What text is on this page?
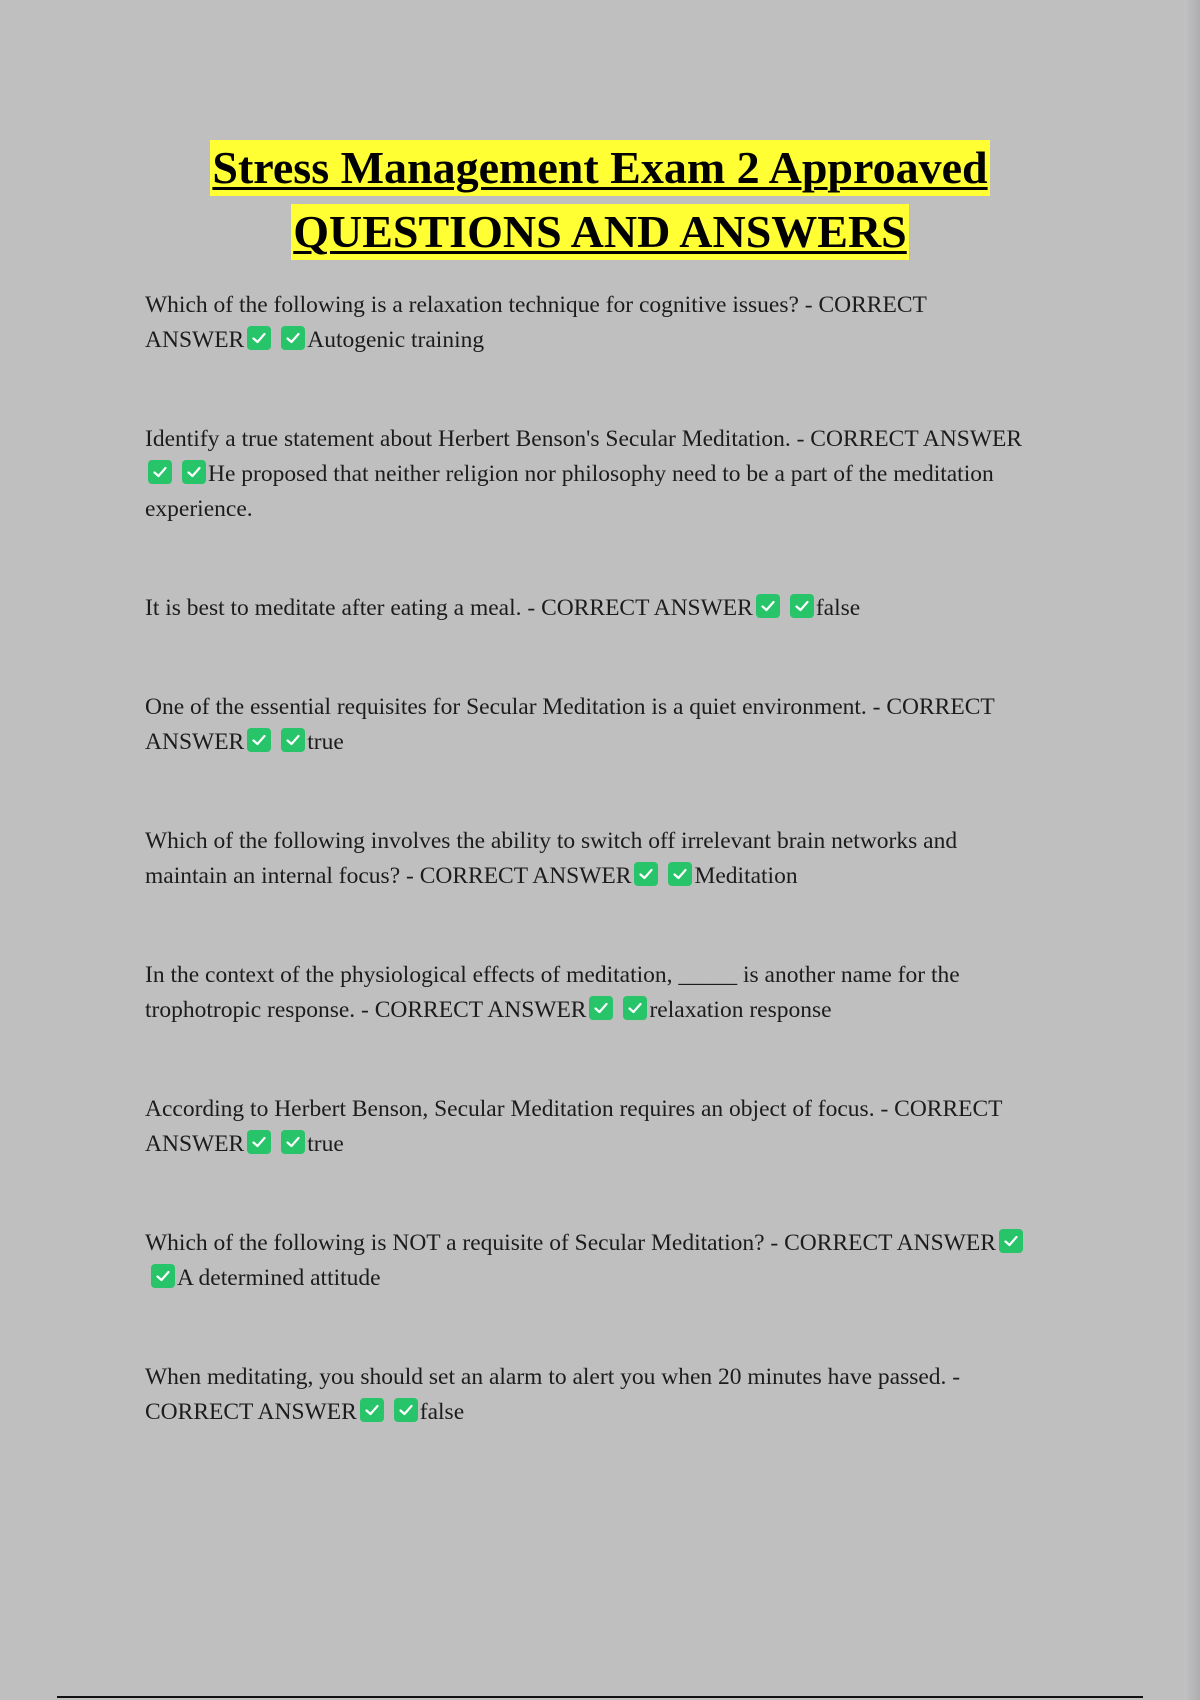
Stress Management Exam 2 Approaved
QUESTIONS AND ANSWERS
Which of the following is a relaxation technique for cognitive issues? - CORRECT ANSWER	Autogenic training
Identify a true statement about Herbert Benson's Secular Meditation. - CORRECT ANSWER
He proposed that neither religion nor philosophy need to be a part of the meditation experience.
It is best to meditate after eating a meal. - CORRECT ANSWER	false
One of the essential requisites for Secular Meditation is a quiet environment. - CORRECT ANSWER	true
Which of the following involves the ability to switch off irrelevant brain networks and maintain an internal focus? - CORRECT ANSWER	Meditation
In the context of the physiological effects of meditation, _____ is another name for the trophotropic response. - CORRECT ANSWER	relaxation response
According to Herbert Benson, Secular Meditation requires an object of focus. - CORRECT ANSWER	true
Which of the following is NOT a requisite of Secular Meditation? - CORRECT ANSWER
A determined attitude
When meditating, you should set an alarm to alert you when 20 minutes have passed. - CORRECT ANSWER	false
